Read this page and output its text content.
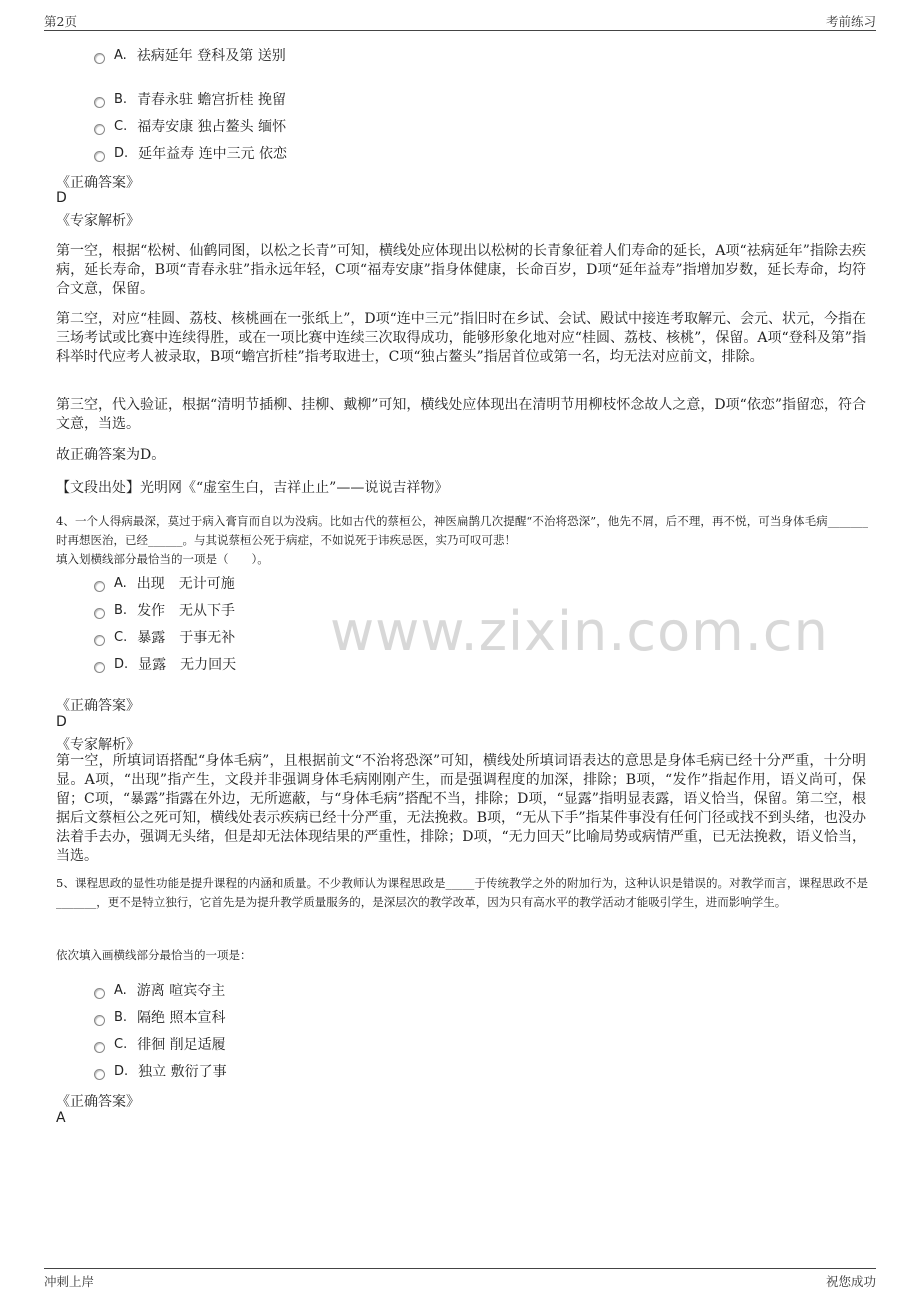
第2页	考前练习
www.zixin.com.cn
A. 祛病延年 登科及第 送别
B. 青春永驻 蟾宫折桂 挽留
C. 福寿安康 独占鳌头 缅怀
D. 延年益寿 连中三元 依恋
《正确答案》
D
《专家解析》
第一空，根据“松树、仙鹤同图，以松之长青”可知，横线处应体现出以松树的长青象征着人们寿命的延长，A项“祛病延年”指除去疾病，延长寿命，B项“青春永驻”指永远年轻，C项“福寿安康”指身体健康，长命百岁，D项“延年益寿”指增加岁数，延长寿命，均符合文意，保留。
第二空，对应“桂圆、荔枝、核桃画在一张纸上”，D项“连中三元”指旧时在乡试、会试、殿试中接连考取解元、会元、状元，今指在三场考试或比赛中连续得胜，或在一项比赛中连续三次取得成功，能够形象化地对应“桂圆、荔枝、核桃”，保留。A项“登科及第”指科举时代应考人被录取，B项“蟾宫折桂”指考取进士，C项“独占鳌头”指居首位或第一名，均无法对应前文，排除。
第三空，代入验证，根据“清明节插柳、挂柳、戴柳”可知，横线处应体现出在清明节用柳枝怀念故人之意，D项“依恋”指留恋，符合文意，当选。
故正确答案为D。
【文段出处】光明网《“虚室生白，吉祥止止”——说说吉祥物》
4、一个人得病最深，莫过于病入膏肓而自以为没病。比如古代的蔡桓公，神医扁鹊几次提醒“不治将恐深”，他先不屑，后不理，再不悦，可当身体毛病_______时再想医治，已经______。与其说蔡桓公死于病症，不如说死于讳疾忌医，实乃可叹可悲！
填入划横线部分最恰当的一项是（　　）。
A. 出现　无计可施
B. 发作　无从下手
C. 暴露　于事无补
D. 显露　无力回天
《正确答案》
D
《专家解析》
第一空，所填词语搭配“身体毛病”，且根据前文“不治将恐深”可知，横线处所填词语表达的意思是身体毛病已经十分严重，十分明显。A项，“出现”指产生，文段并非强调身体毛病刚刚产生，而是强调程度的加深，排除；B项，“发作”指起作用，语义尚可，保留；C项，“暴露”指露在外边，无所遮蔽，与“身体毛病”搭配不当，排除；D项，“显露”指明显表露，语义恰当，保留。第二空，根据后文蔡桓公之死可知，横线处表示疾病已经十分严重，无法挽救。B项，“无从下手”指某件事没有任何门径或找不到头绪，也没办法着手去办，强调无头绪，但是却无法体现结果的严重性，排除；D项，“无力回天”比喻局势或病情严重，已无法挽救，语义恰当，当选。
5、课程思政的显性功能是提升课程的内涵和质量。不少教师认为课程思政是_____于传统教学之外的附加行为，这种认识是错误的。对教学而言，课程思政不是_______，更不是特立独行，它首先是为提升教学质量服务的，是深层次的教学改革，因为只有高水平的教学活动才能吸引学生，进而影响学生。
依次填入画横线部分最恰当的一项是：
A. 游离 喧宾夺主
B. 隔绝 照本宣科
C. 徘徊 削足适履
D. 独立 敷衍了事
《正确答案》
A
冲刺上岸	祝您成功
